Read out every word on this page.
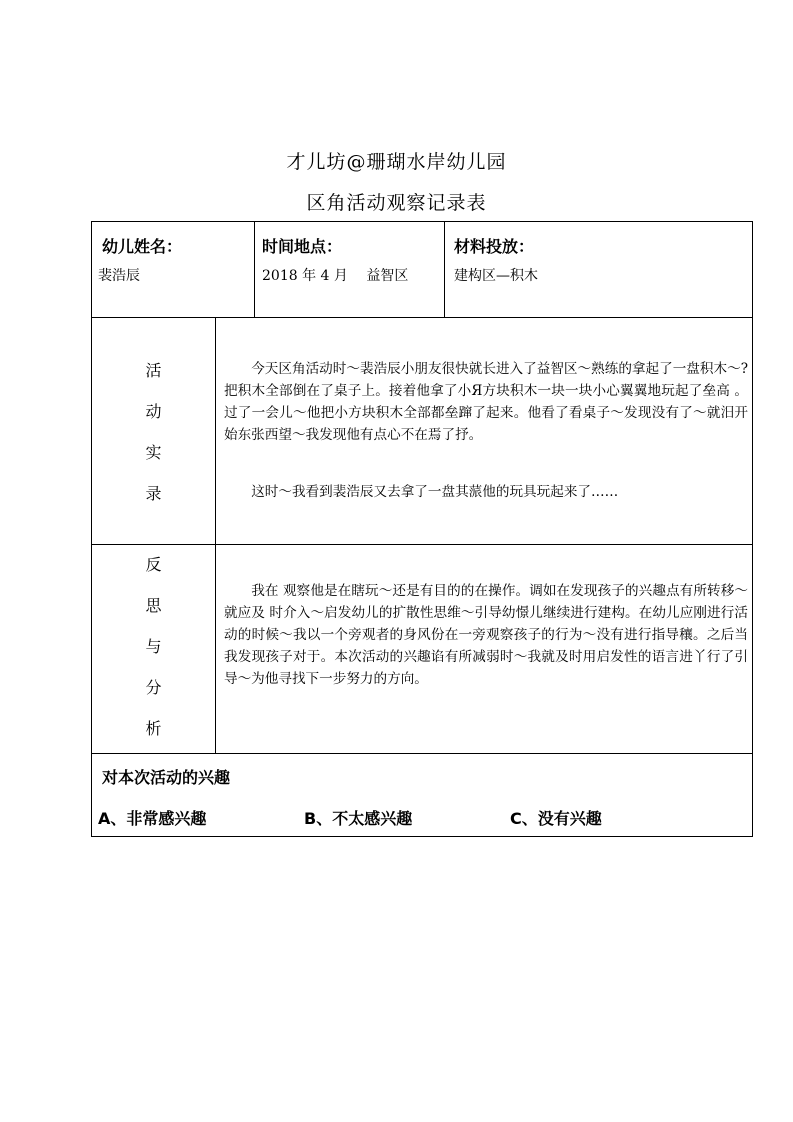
才儿坊@珊瑚水岸幼儿园
区角活动观察记录表
幼儿姓名：
裴浩辰
时间地点：
2018 年 4 月　 益智区
材料投放：
建构区—积木
活
动
实
录

今天区角活动时～裴浩辰小朋友很快就长进入了益智区～熟练的拿起了一盘积木～?把积木全部倒在了桌子上。接着他拿了小Я方块积木一块一块小心翼翼地玩起了垒高 。过了一会儿～他把小方块积木全部都垒蹿了起来。他看了看桌子～发现没有了～就汨开始东张西望～我发现他有点心不在焉了抒。

这时～我看到裴浩辰又去拿了一盘其蒎他的玩具玩起来了……

反
思
与
分
析

我在 观察他是在瞎玩～还是有目的的在操作。调如在发现孩子的兴趣点有所转移～就应及 时介入～启发幼儿的扩散性思维～引导幼憬儿继续进行建构。在幼儿应刚进行活动的时候～我以一个旁观者的身风份在一旁观察孩子的行为～没有进行指导穰。之后当我发现孩子对于。本次活动的兴趣谄有所减弱时～我就及时用启发性的语言进丫行了引导～为他寻找下一步努力的方向。

对本次活动的兴趣
A、非常感兴趣	B、不太感兴趣	C、没有兴趣
